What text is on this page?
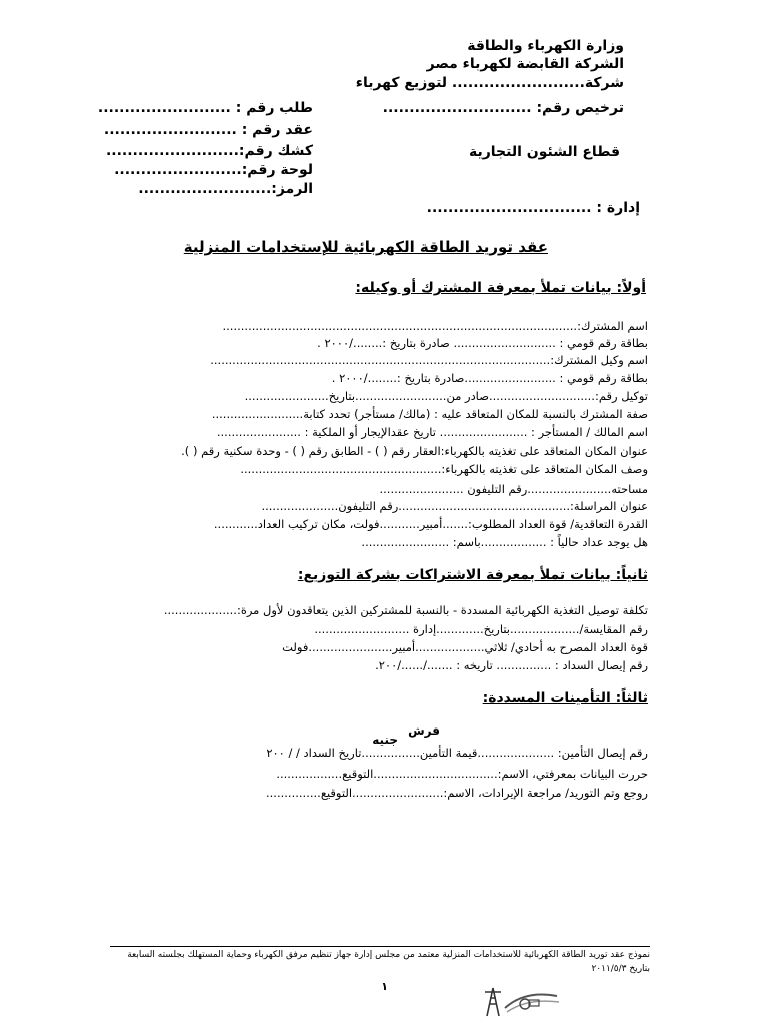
وزارة الكهرباء والطاقة
الشركة القابضة لكهرباء مصر
شركة......................... لتوزيع كهرباء
ترخيص رقم: ............................
قطاع الشئون التجارية
إدارة : ...............................
طلب رقم : .........................
عقد رقم : .........................
كشك رقم:.........................
لوحة رقم:........................
الرمز:.........................
عقد توريد الطاقة الكهربائية للإستخدامات المنزلية
أولاً: بيانات تملأ بمعرفة المشترك أو وكيله:
اسم المشترك:.................................................................................................
بطاقة رقم قومي : ............................ صادرة بتاريخ :......../٢٠٠٠ .
اسم وكيل المشترك:.............................................................................................
بطاقة رقم قومي : .........................صادرة بتاريخ :......../٢٠٠٠ .
توكيل رقم:.............................صادر من.........................بتاريخ.......................
صفة المشترك بالنسبة للمكان المتعاقد عليه : (مالك/ مستأجر) تحدد كتابة.........................
اسم المالك / المستأجر : ........................ تاريخ عقدالإيجار أو الملكية : .......................
عنوان المكان المتعاقد على تغذيته بالكهرباء:العقار رقم ( ) - الطابق رقم ( ) - وحدة سكنية رقم ( ).
وصف المكان المتعاقد على تغذيته بالكهرباء:.......................................................
مساحته.......................رقم التليفون .......................
عنوان المراسلة:...............................................رقم التليفون.....................
القدرة التعاقدية/ قوة العداد المطلوب:.......أمبير...........فولت، مكان تركيب العداد............
هل يوجد عداد حالياً : ..................باسم: ........................
ثانياً: بيانات تملأ بمعرفة الاشتراكات بشركة التوزيع:
تكلفة توصيل التغذية الكهربائية المسددة - بالنسبة للمشتركين الذين يتعاقدون لأول مرة:....................
رقم المقايسة/...................بتاريخ.............إدارة ..........................
قوة العداد المصرح به أحادي/ ثلاثي...................أمبير.......................فولت
رقم إيصال السداد : ............... تاريخه : ......./....../٢٠٠.
ثالثاً: التأمينات المسددة:
قرش
جنيه
رقم إيصال التأمين: .....................قيمة التأمين................تاريخ السداد / / ٢٠٠
حررت البيانات بمعرفتي، الاسم:..................................التوقيع..................
روجع وتم التوريد/ مراجعة الإيرادات، الاسم:.........................التوقيع...............
نموذج عقد توريد الطاقة الكهربائية للاستخدامات المنزلية معتمد من مجلس إدارة جهاز تنظيم مرفق الكهرباء وحماية المستهلك بجلسته السابعة
بتاريخ ٢٠١١/٥/٣
١
